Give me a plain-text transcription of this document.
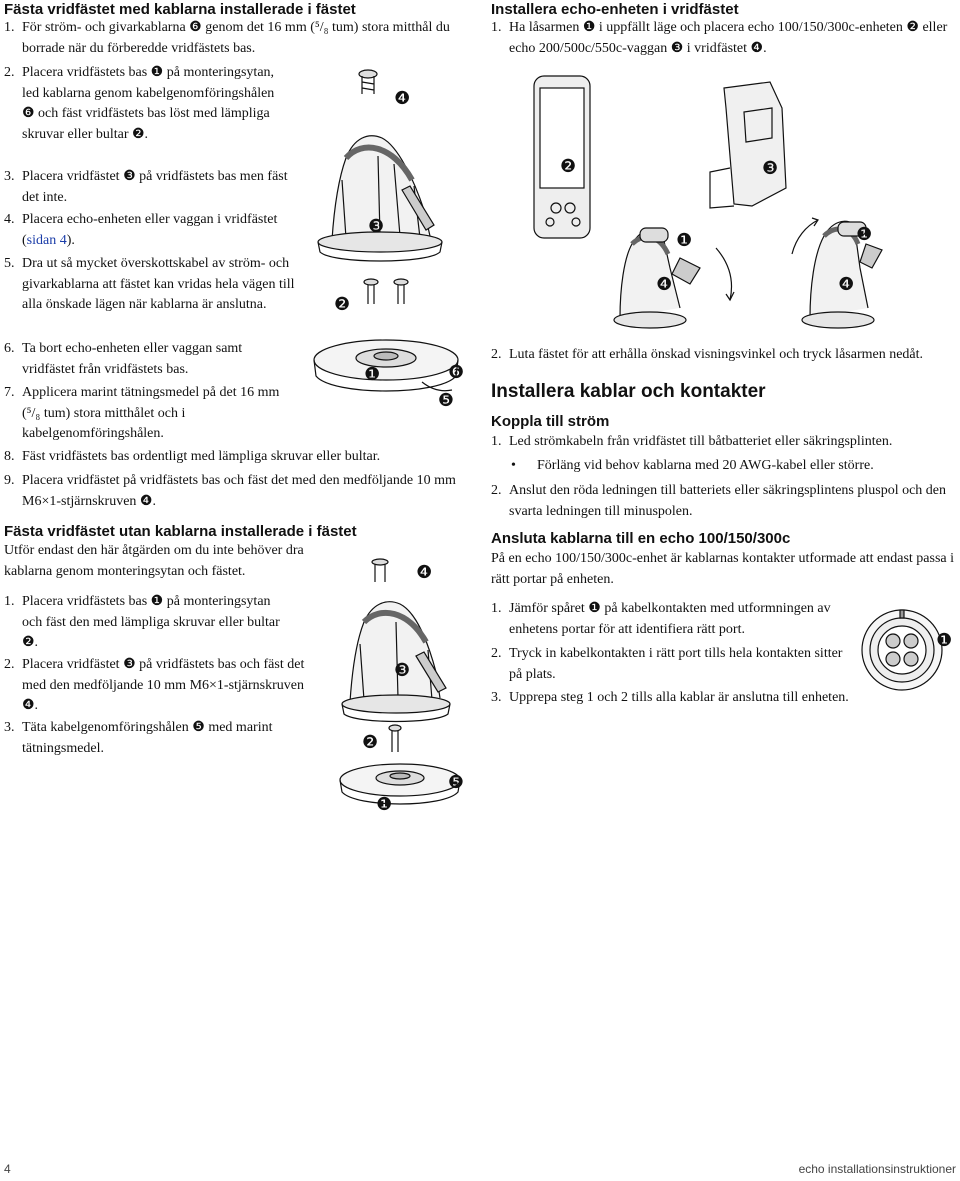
Fästa vridfästet med kablarna installerade i fästet
1. För ström- och givarkablarna ❻ genom det 16 mm (⁵/₈ tum) stora mitthål du borrade när du förberedde vridfästets bas.
2. Placera vridfästets bas ❶ på monteringsytan, led kablarna genom kabelgenomföringshålen ❻ och fäst vridfästets bas löst med lämpliga skruvar eller bultar ❷.
3. Placera vridfästet ❸ på vridfästets bas men fäst det inte.
4. Placera echo-enheten eller vaggan i vridfästet (sidan 4).
5. Dra ut så mycket överskottskabel av ström- och givarkablarna att fästet kan vridas hela vägen till alla önskade lägen när kablarna är anslutna.
6. Ta bort echo-enheten eller vaggan samt vridfästet från vridfästets bas.
7. Applicera marint tätningsmedel på det 16 mm (⁵/₈ tum) stora mitthålet och i kabelgenomföringshålen.
8. Fäst vridfästets bas ordentligt med lämpliga skruvar eller bultar.
9. Placera vridfästet på vridfästets bas och fäst det med den medföljande 10 mm M6×1-stjärnskruven ❹.
❹
❸
❷
❶	❻
❺
Fästa vridfästet utan kablarna installerade i fästet
Utför endast den här åtgärden om du inte behöver dra kablarna genom monteringsytan och fästet.
1. Placera vridfästets bas ❶ på monteringsytan och fäst den med lämpliga skruvar eller bultar ❷.
2. Placera vridfästet ❸ på vridfästets bas och fäst det med den medföljande 10 mm M6×1-stjärnskruven ❹.
3. Täta kabelgenomföringshålen ❺ med marint tätningsmedel.
❹
❸
❷
❶
❺
Installera echo-enheten i vridfästet
1. Ha låsarmen ❶ i uppfällt läge och placera echo 100/150/300c-enheten ❷ eller echo 200/500c/550c-vaggan ❸ i vridfästet ❹.
❷	❸
❶
❹
❶
❹
2. Luta fästet för att erhålla önskad visningsvinkel och tryck låsarmen nedåt.
Installera kablar och kontakter
Koppla till ström
1. Led strömkabeln från vridfästet till båtbatteriet eller säkringsplinten.
•	Förläng vid behov kablarna med 20 AWG-kabel eller större.
2. Anslut den röda ledningen till batteriets eller säkringsplintens pluspol och den svarta ledningen till minuspolen.
Ansluta kablarna till en echo 100/150/300c
På en echo 100/150/300c-enhet är kablarnas kontakter utformade att endast passa i rätt portar på enheten.
1. Jämför spåret ❶ på kabelkontakten med utformningen av enhetens portar för att identifiera rätt port.
2. Tryck in kabelkontakten i rätt port tills hela kontakten sitter på plats.
3. Upprepa steg 1 och 2 tills alla kablar är anslutna till enheten.
❶
4	echo installationsinstruktioner
